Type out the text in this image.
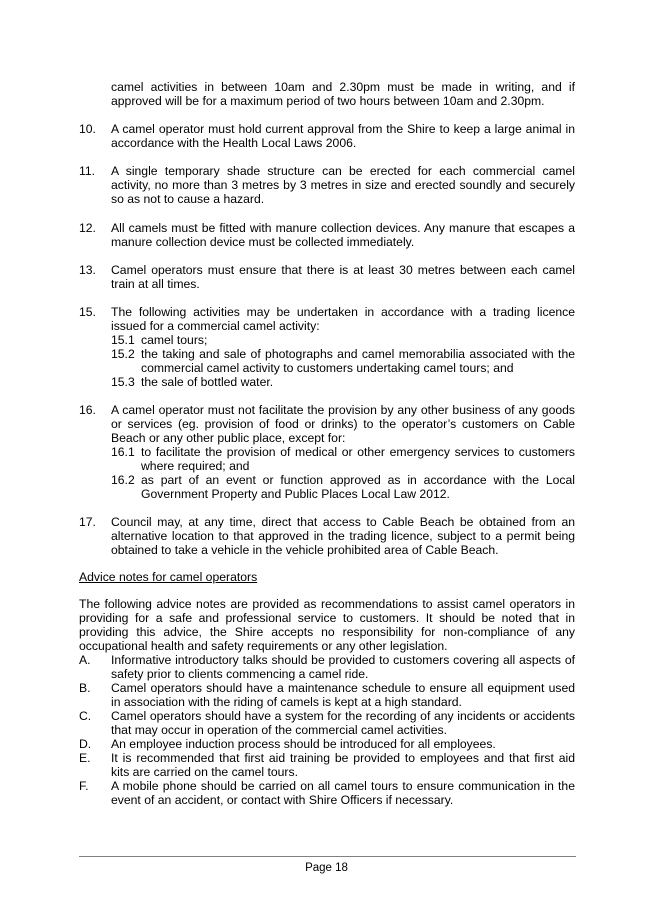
camel activities in between 10am and 2.30pm must be made in writing, and if approved will be for a maximum period of two hours between 10am and 2.30pm.
10.	A camel operator must hold current approval from the Shire to keep a large animal in accordance with the Health Local Laws 2006.
11.	A single temporary shade structure can be erected for each commercial camel activity, no more than 3 metres by 3 metres in size and erected soundly and securely so as not to cause a hazard.
12.	All camels must be fitted with manure collection devices. Any manure that escapes a manure collection device must be collected immediately.
13.	Camel operators must ensure that there is at least 30 metres between each camel train at all times.
15.	The following activities may be undertaken in accordance with a trading licence issued for a commercial camel activity:
15.1 camel tours;
15.2 the taking and sale of photographs and camel memorabilia associated with the commercial camel activity to customers undertaking camel tours; and
15.3 the sale of bottled water.
16.	A camel operator must not facilitate the provision by any other business of any goods or services (eg. provision of food or drinks) to the operator’s customers on Cable Beach or any other public place, except for:
16.1 to facilitate the provision of medical or other emergency services to customers where required; and
16.2 as part of an event or function approved as in accordance with the Local Government Property and Public Places Local Law 2012.
17.	Council may, at any time, direct that access to Cable Beach be obtained from an alternative location to that approved in the trading licence, subject to a permit being obtained to take a vehicle in the vehicle prohibited area of Cable Beach.
Advice notes for camel operators
The following advice notes are provided as recommendations to assist camel operators in providing for a safe and professional service to customers. It should be noted that in providing this advice, the Shire accepts no responsibility for non-compliance of any occupational health and safety requirements or any other legislation.
A.	Informative introductory talks should be provided to customers covering all aspects of safety prior to clients commencing a camel ride.
B.	Camel operators should have a maintenance schedule to ensure all equipment used in association with the riding of camels is kept at a high standard.
C.	Camel operators should have a system for the recording of any incidents or accidents that may occur in operation of the commercial camel activities.
D.	An employee induction process should be introduced for all employees.
E.	It is recommended that first aid training be provided to employees and that first aid kits are carried on the camel tours.
F.	A mobile phone should be carried on all camel tours to ensure communication in the event of an accident, or contact with Shire Officers if necessary.
Page 18
